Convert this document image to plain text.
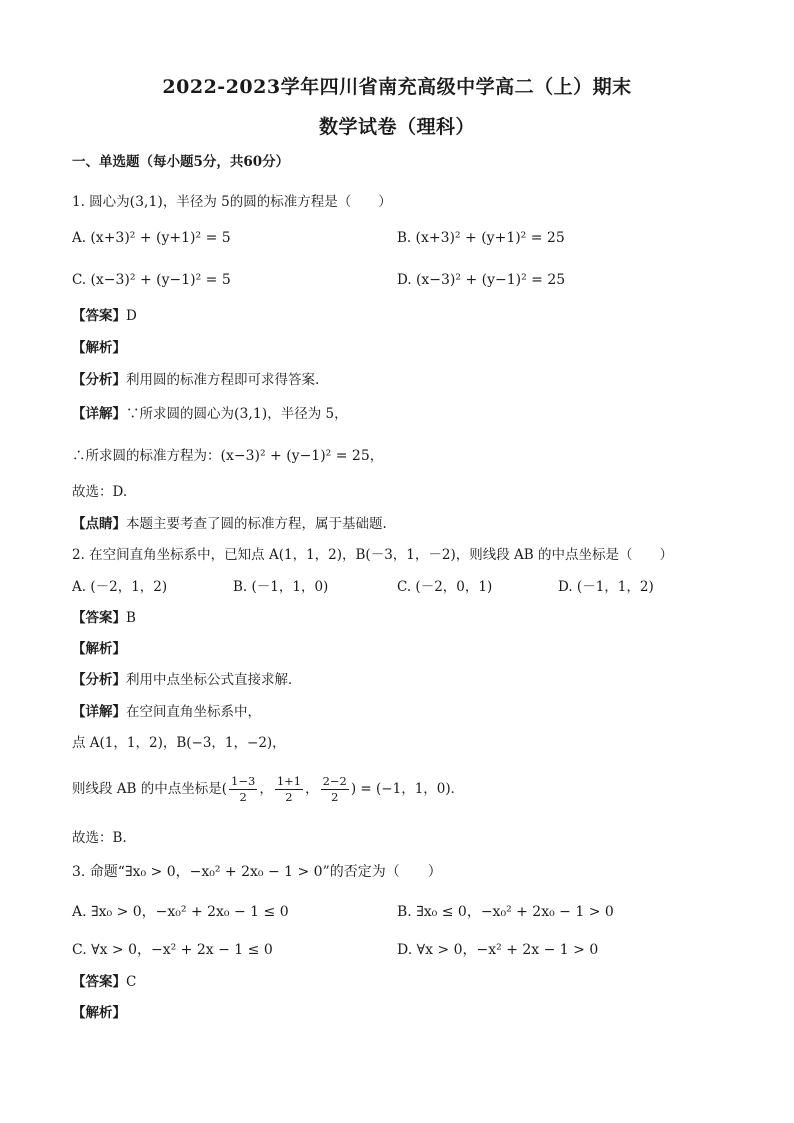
2022-2023学年四川省南充高级中学高二（上）期末
数学试卷（理科）
一、单选题（每小题5分，共60分）
1. 圆心为(3,1)，半径为 5的圆的标准方程是（　　）
A. (x+3)² + (y+1)² = 5	B. (x+3)² + (y+1)² = 25
C. (x−3)² + (y−1)² = 5	D. (x−3)² + (y−1)² = 25
【答案】D
【解析】
【分析】利用圆的标准方程即可求得答案.
【详解】∵所求圆的圆心为(3,1)，半径为 5，
∴所求圆的标准方程为：(x−3)² + (y−1)² = 25，
故选：D.
【点睛】本题主要考查了圆的标准方程，属于基础题.
2. 在空间直角坐标系中，已知点 A(1，1，2)，B(－3，1，－2)，则线段 AB 的中点坐标是（　　）
A. (－2，1，2)	B. (－1，1，0)	C. (－2，0，1)	D. (－1，1，2)
【答案】B
【解析】
【分析】利用中点坐标公式直接求解．
【详解】在空间直角坐标系中，
点 A(1，1，2)，B(−3，1，−2)，
则线段 AB 的中点坐标是( $\frac{1-3}{2}$ ， $\frac{1+1}{2}$ ， $\frac{2-2}{2}$ ) = (−1，1，0)．
故选：B.
3. 命题“∃x₀ > 0，−x₀² + 2x₀ − 1 > 0”的否定为（　　）
A. ∃x₀ > 0，−x₀² + 2x₀ − 1 ≤ 0	B. ∃x₀ ≤ 0，−x₀² + 2x₀ − 1 > 0
C. ∀x > 0，−x² + 2x − 1 ≤ 0	D. ∀x > 0，−x² + 2x − 1 > 0
【答案】C
【解析】
